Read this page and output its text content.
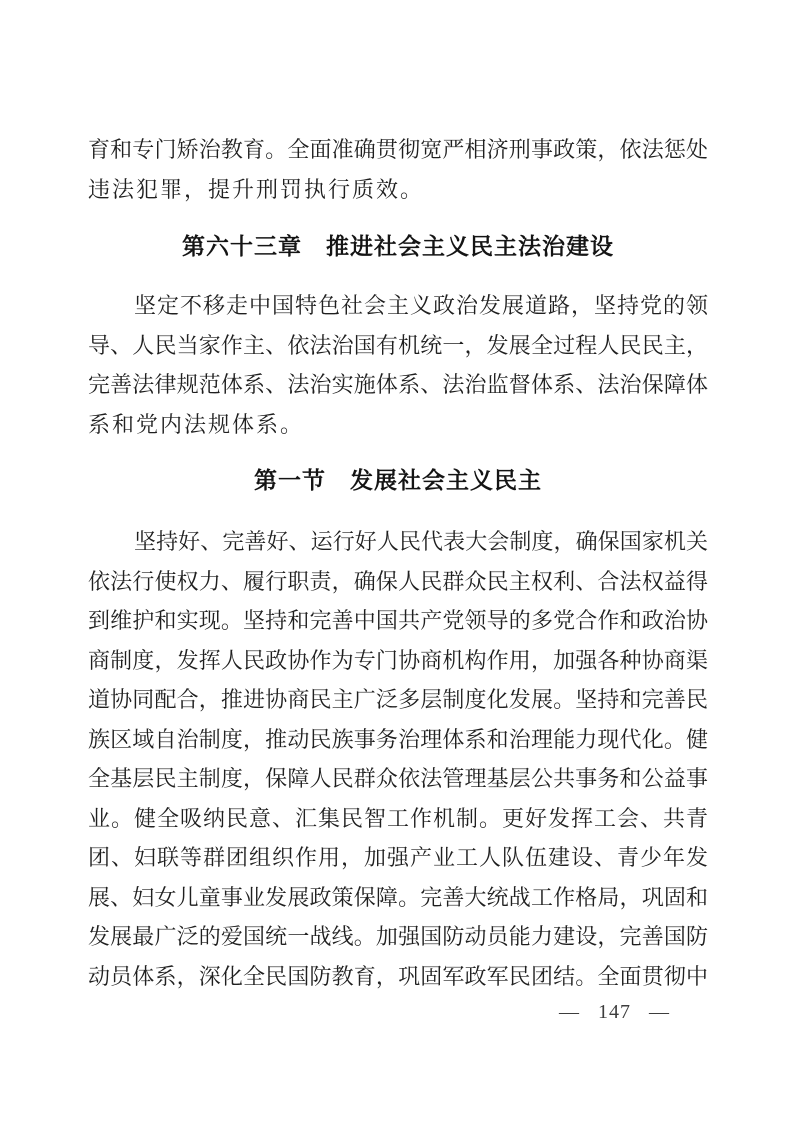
育和专门矫治教育。全面准确贯彻宽严相济刑事政策，依法惩处
违法犯罪，提升刑罚执行质效。
第六十三章　推进社会主义民主法治建设
坚定不移走中国特色社会主义政治发展道路，坚持党的领
导、人民当家作主、依法治国有机统一，发展全过程人民民主，
完善法律规范体系、法治实施体系、法治监督体系、法治保障体
系和党内法规体系。
第一节　发展社会主义民主
坚持好、完善好、运行好人民代表大会制度，确保国家机关
依法行使权力、履行职责，确保人民群众民主权利、合法权益得
到维护和实现。坚持和完善中国共产党领导的多党合作和政治协
商制度，发挥人民政协作为专门协商机构作用，加强各种协商渠
道协同配合，推进协商民主广泛多层制度化发展。坚持和完善民
族区域自治制度，推动民族事务治理体系和治理能力现代化。健
全基层民主制度，保障人民群众依法管理基层公共事务和公益事
业。健全吸纳民意、汇集民智工作机制。更好发挥工会、共青
团、妇联等群团组织作用，加强产业工人队伍建设、青少年发
展、妇女儿童事业发展政策保障。完善大统战工作格局，巩固和
发展最广泛的爱国统一战线。加强国防动员能力建设，完善国防
动员体系，深化全民国防教育，巩固军政军民团结。全面贯彻中
— 147 —
